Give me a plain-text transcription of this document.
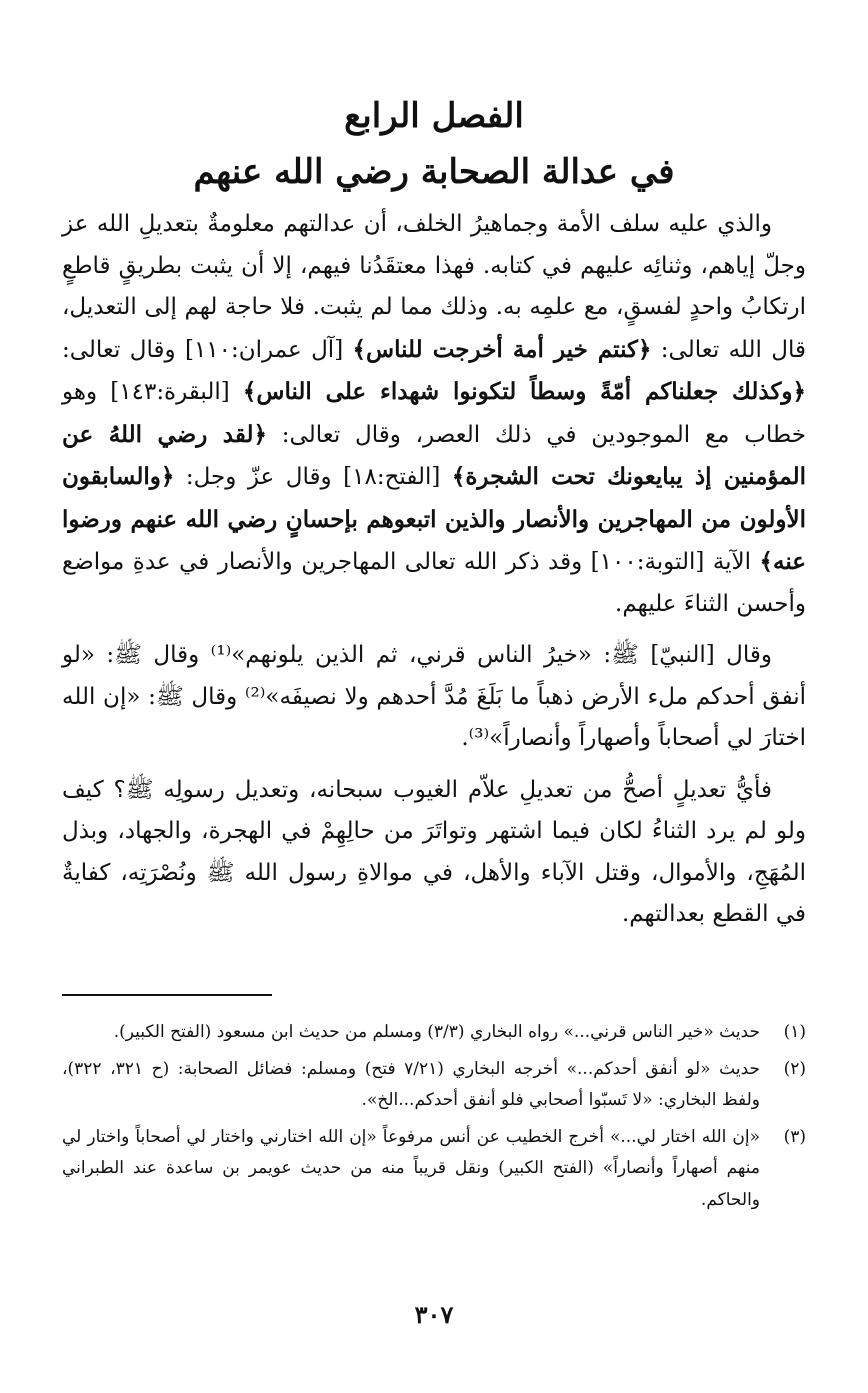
الفصل الرابع
في عدالة الصحابة رضي الله عنهم

والذي عليه سلف الأمة وجماهيرُ الخلف، أن عدالتهم معلومةٌ بتعديلِ الله عز وجلّ إياهم، وثنائِه عليهم في كتابه. فهذا معتقَدُنا فيهم، إلا أن يثبت بطريقٍ قاطعٍ ارتكابُ واحدٍ لفسقٍ، مع علمِه به. وذلك مما لم يثبت. فلا حاجة لهم إلى التعديل، قال الله تعالى: ﴿كنتم خير أمة أخرجت للناس﴾ [آل عمران:١١٠] وقال تعالى: ﴿وكذلك جعلناكم أمّةً وسطاً لتكونوا شهداء على الناس﴾ [البقرة:١٤٣] وهو خطاب مع الموجودين في ذلك العصر، وقال تعالى: ﴿لقد رضي اللهُ عن المؤمنين إذ يبايعونك تحت الشجرة﴾ [الفتح:١٨] وقال عزّ وجل: ﴿والسابقون الأولون من المهاجرين والأنصار والذين اتبعوهم بإحسانٍ رضي الله عنهم ورضوا عنه﴾ الآية [التوبة:١٠٠] وقد ذكر الله تعالى المهاجرين والأنصار في عدةِ مواضع وأحسن الثناءَ عليهم.

وقال [النبيّ] ﷺ: «خيرُ الناس قرني، ثم الذين يلونهم»⁽¹⁾ وقال ﷺ: «لو أنفق أحدكم ملء الأرض ذهباً ما بَلَغَ مُدَّ أحدهم ولا نصيفَه»⁽²⁾ وقال ﷺ: «إن الله اختارَ لي أصحاباً وأصهاراً وأنصاراً»⁽³⁾.

فأيُّ تعديلٍ أصحُّ من تعديلِ علاّم الغيوب سبحانه، وتعديل رسولِه ﷺ؟ كيف ولو لم يرد الثناءُ لكان فيما اشتهر وتواتَرَ من حالِهِمْ في الهجرة، والجهاد، وبذل المُهَجِ، والأموال، وقتل الآباء والأهل، في موالاةِ رسول الله ﷺ ونُصْرَتِه، كفايةٌ في القطع بعدالتهم.

(١)
حديث «خير الناس قرني...» رواه البخاري (٣/٣) ومسلم من حديث ابن مسعود (الفتح الكبير).
(٢)
حديث «لو أنفق أحدكم...» أخرجه البخاري (٧/٢١ فتح) ومسلم: فضائل الصحابة: (ح ٣٢١، ٣٢٢)، ولفظ البخاري: «لا تَسبّوا أصحابي فلو أنفق أحدكم...الخ».
(٣)
«إن الله اختار لي...» أخرج الخطيب عن أنس مرفوعاً «إن الله اختارني واختار لي أصحاباً واختار لي منهم أصهاراً وأنصاراً» (الفتح الكبير) ونقل قريباً منه من حديث عويمر بن ساعدة عند الطبراني والحاكم.
٣٠٧
